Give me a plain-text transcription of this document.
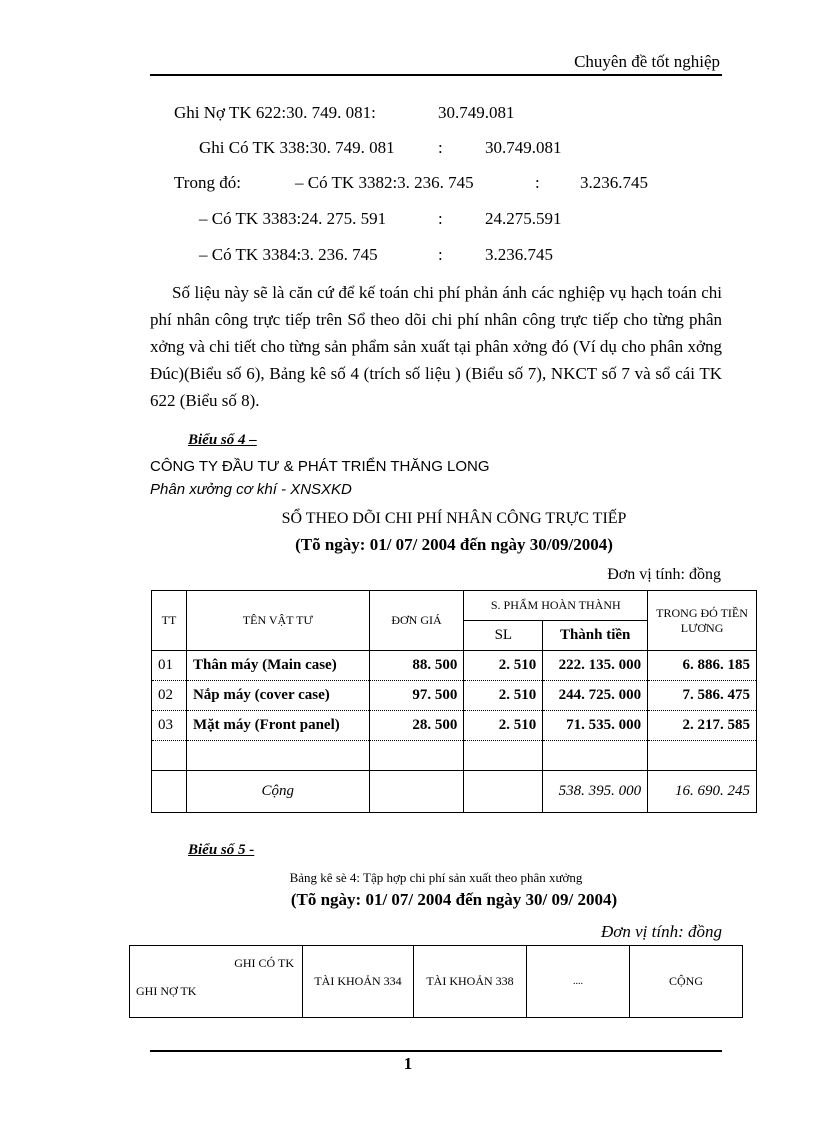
Chuyên đề tốt nghiệp
Ghi Nợ TK 622:30. 749. 081:	30.749.081
Ghi Có TK 338:30. 749. 081	: 30.749.081
Trong đó:	– Có TK 3382:3. 236. 745	: 3.236.745
– Có TK 3383:24. 275. 591	: 24.275.591
– Có TK 3384:3. 236. 745	: 3.236.745

Số liệu này sẽ là căn cứ để kế toán chi phí phản ánh các nghiệp vụ hạch toán chi phí nhân công trực tiếp trên Sổ theo dõi chi phí nhân công trực tiếp cho từng phân xởng và chi tiết cho từng sản phẩm sản xuất tại phân xởng đó (Ví dụ cho phân xởng Đúc)(Biểu số 6), Bảng kê số 4 (trích số liệu ) (Biểu số 7), NKCT số 7 và sổ cái TK 622 (Biểu số 8).

Biểu số 4 –
CÔNG TY ĐẦU TƯ & PHÁT TRIỂN THĂNG LONG
Phân xưởng cơ khí - XNSXKD
SỔ THEO DÕI CHI PHÍ NHÂN CÔNG TRỰC TIẾP
(Tõ ngày: 01/ 07/ 2004 đến ngày 30/09/2004)
Đơn vị tính: đồng
TT	TÊN VẬT TƯ	ĐƠN GIÁ	S. PHẨM HOÀN THÀNH		TRONG ĐÓ TIỀN LƯƠNG
			SL	Thành tiền	
01	Thân máy (Main case)	88. 500	2. 510	222. 135. 000	6. 886. 185
02	Nắp máy (cover case)	97. 500	2. 510	244. 725. 000	7. 586. 475
03	Mặt máy (Front panel)	28. 500	2. 510	71. 535. 000	2. 217. 585

	Cộng			538. 395. 000	16. 690. 245
Biểu số 5 -
Bảng kê sè 4: Tập hợp chi phí sản xuất theo phân xưởng
(Tõ ngày: 01/ 07/ 2004 đến ngày 30/ 09/ 2004)
Đơn vị tính: đồng
GHI CÓ TK
GHI NỢ TK
	TÀI KHOẢN 334	TÀI KHOẢN 338	....	CỘNG
1
